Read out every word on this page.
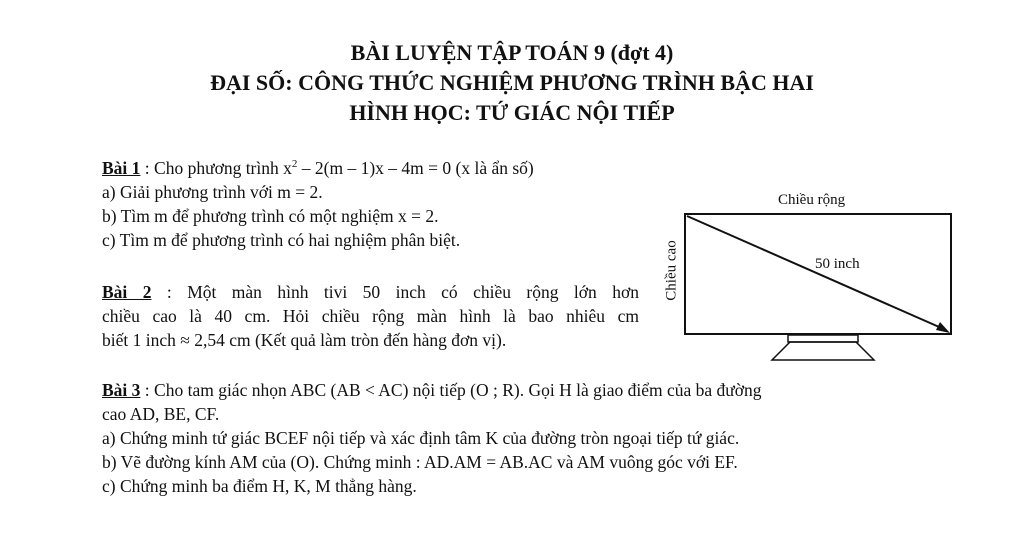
BÀI LUYỆN TẬP TOÁN 9 (đợt 4)
ĐẠI SỐ: CÔNG THỨC NGHIỆM PHƯƠNG TRÌNH BẬC HAI
HÌNH HỌC: TỨ GIÁC NỘI TIẾP
Bài 1 : Cho phương trình $x^2 - 2(m - 1)x - 4m = 0$ (x là ẩn số)
a) Giải phương trình với m = 2.
b) Tìm m để phương trình có một nghiệm x = 2.
c) Tìm m để phương trình có hai nghiệm phân biệt.
Bài 2 : Một màn hình tivi 50 inch có chiều rộng lớn hơn
chiều cao là 40 cm. Hỏi chiều rộng màn hình là bao nhiêu cm
biết 1 inch ≈ 2,54 cm (Kết quả làm tròn đến hàng đơn vị).
Chiều rộng
50 inch
Chiều cao
Bài 3 : Cho tam giác nhọn ABC (AB < AC) nội tiếp (O ; R). Gọi H là giao điểm của ba đường
cao AD, BE, CF.
a) Chứng minh tứ giác BCEF nội tiếp và xác định tâm K của đường tròn ngoại tiếp tứ giác.
b) Vẽ đường kính AM của (O). Chứng minh : AD.AM = AB.AC và AM vuông góc với EF.
c) Chứng minh ba điểm H, K, M thẳng hàng.
